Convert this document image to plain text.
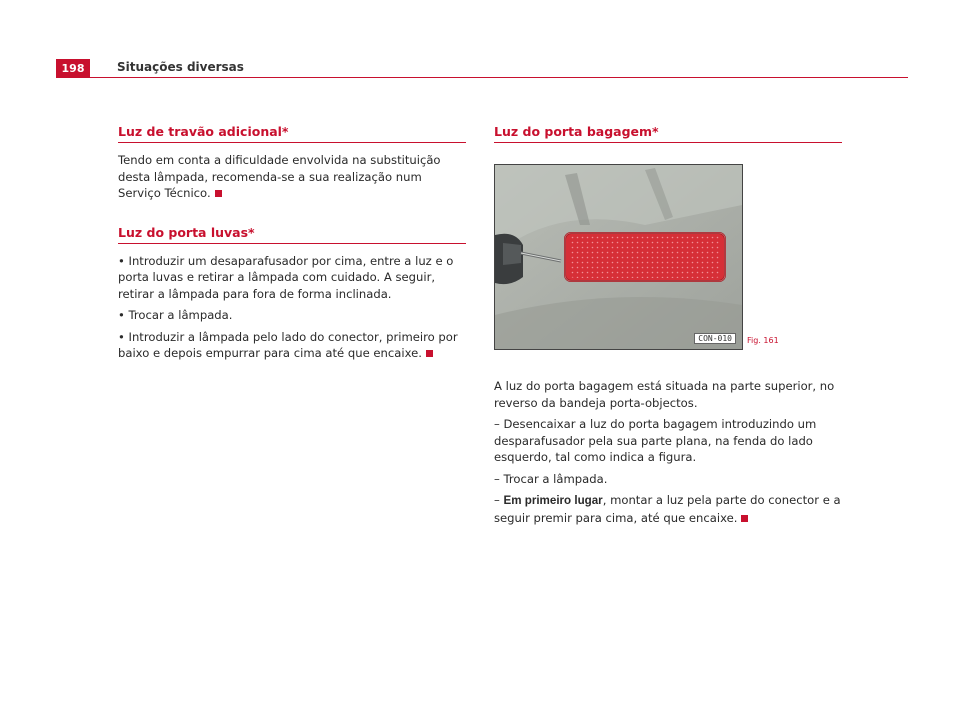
198	Situações diversas
Luz de travão adicional*

Tendo em conta a dificuldade envolvida na substituição desta lâmpada, recomenda-se a sua realização num Serviço Técnico.

Luz do porta luvas*

• Introduzir um desaparafusador por cima, entre a luz e o porta luvas e retirar a lâmpada com cuidado. A seguir, retirar a lâmpada para fora de forma inclinada.

• Trocar a lâmpada.

• Introduzir a lâmpada pelo lado do conector, primeiro por baixo e depois empurrar para cima até que encaixe.

Luz do porta bagagem*
CON-010	Fig. 161

A luz do porta bagagem está situada na parte superior, no reverso da bandeja porta-objectos.

– Desencaixar a luz do porta bagagem introduzindo um desparafusador pela sua parte plana, na fenda do lado esquerdo, tal como indica a figura.

– Trocar a lâmpada.

– Em primeiro lugar, montar a luz pela parte do conector e a seguir premir para cima, até que encaixe.
